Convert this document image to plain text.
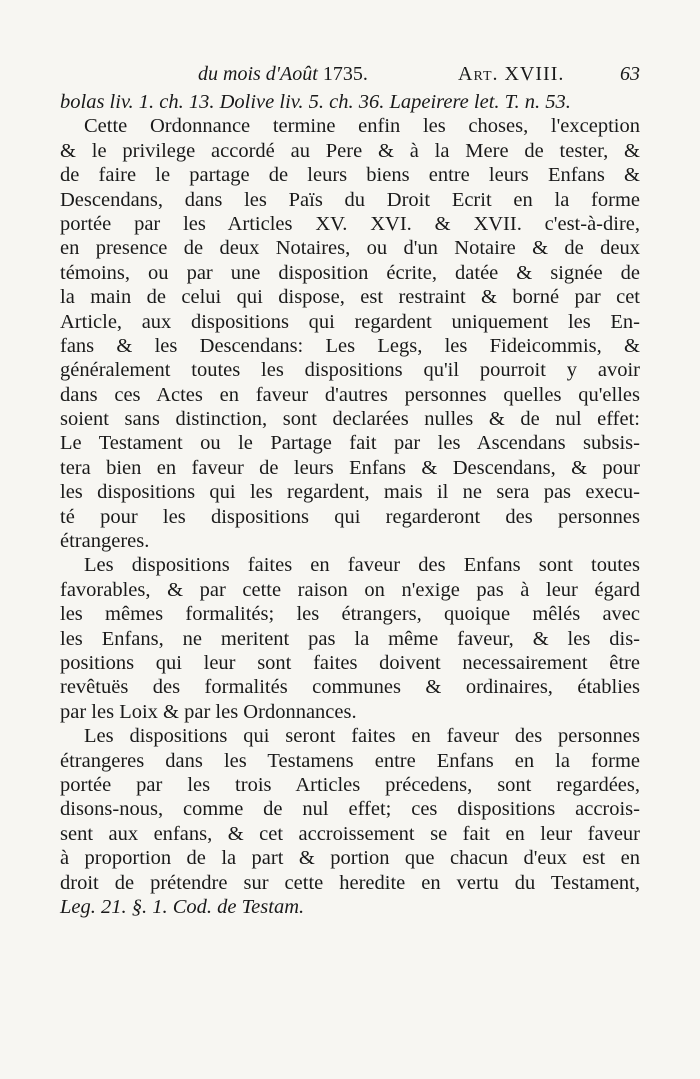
du mois d'Août 1735.	Art. XVIII.	63
bolas liv. 1. ch. 13. Dolive liv. 5. ch. 36. Lapeirere let. T. n. 53.
Cette Ordonnance termine enfin les choses, l'exception
& le privilege accordé au Pere & à la Mere de tester, &
de faire le partage de leurs biens entre leurs Enfans &
Descendans, dans les Païs du Droit Ecrit en la forme
portée par les Articles XV. XVI. & XVII. c'est-à-dire,
en presence de deux Notaires, ou d'un Notaire & de deux
témoins, ou par une disposition écrite, datée & signée de
la main de celui qui dispose, est restraint & borné par cet
Article, aux dispositions qui regardent uniquement les En-
fans & les Descendans: Les Legs, les Fideicommis, &
généralement toutes les dispositions qu'il pourroit y avoir
dans ces Actes en faveur d'autres personnes quelles qu'elles
soient sans distinction, sont declarées nulles & de nul effet:
Le Testament ou le Partage fait par les Ascendans subsis-
tera bien en faveur de leurs Enfans & Descendans, & pour
les dispositions qui les regardent, mais il ne sera pas execu-
té pour les dispositions qui regarderont des personnes
étrangeres.
Les dispositions faites en faveur des Enfans sont toutes
favorables, & par cette raison on n'exige pas à leur égard
les mêmes formalités; les étrangers, quoique mêlés avec
les Enfans, ne meritent pas la même faveur, & les dis-
positions qui leur sont faites doivent necessairement être
revêtuës des formalités communes & ordinaires, établies
par les Loix & par les Ordonnances.
Les dispositions qui seront faites en faveur des personnes
étrangeres dans les Testamens entre Enfans en la forme
portée par les trois Articles précedens, sont regardées,
disons-nous, comme de nul effet; ces dispositions accrois-
sent aux enfans, & cet accroissement se fait en leur faveur
à proportion de la part & portion que chacun d'eux est en
droit de prétendre sur cette heredite en vertu du Testament,
Leg. 21. §. 1. Cod. de Testam.
